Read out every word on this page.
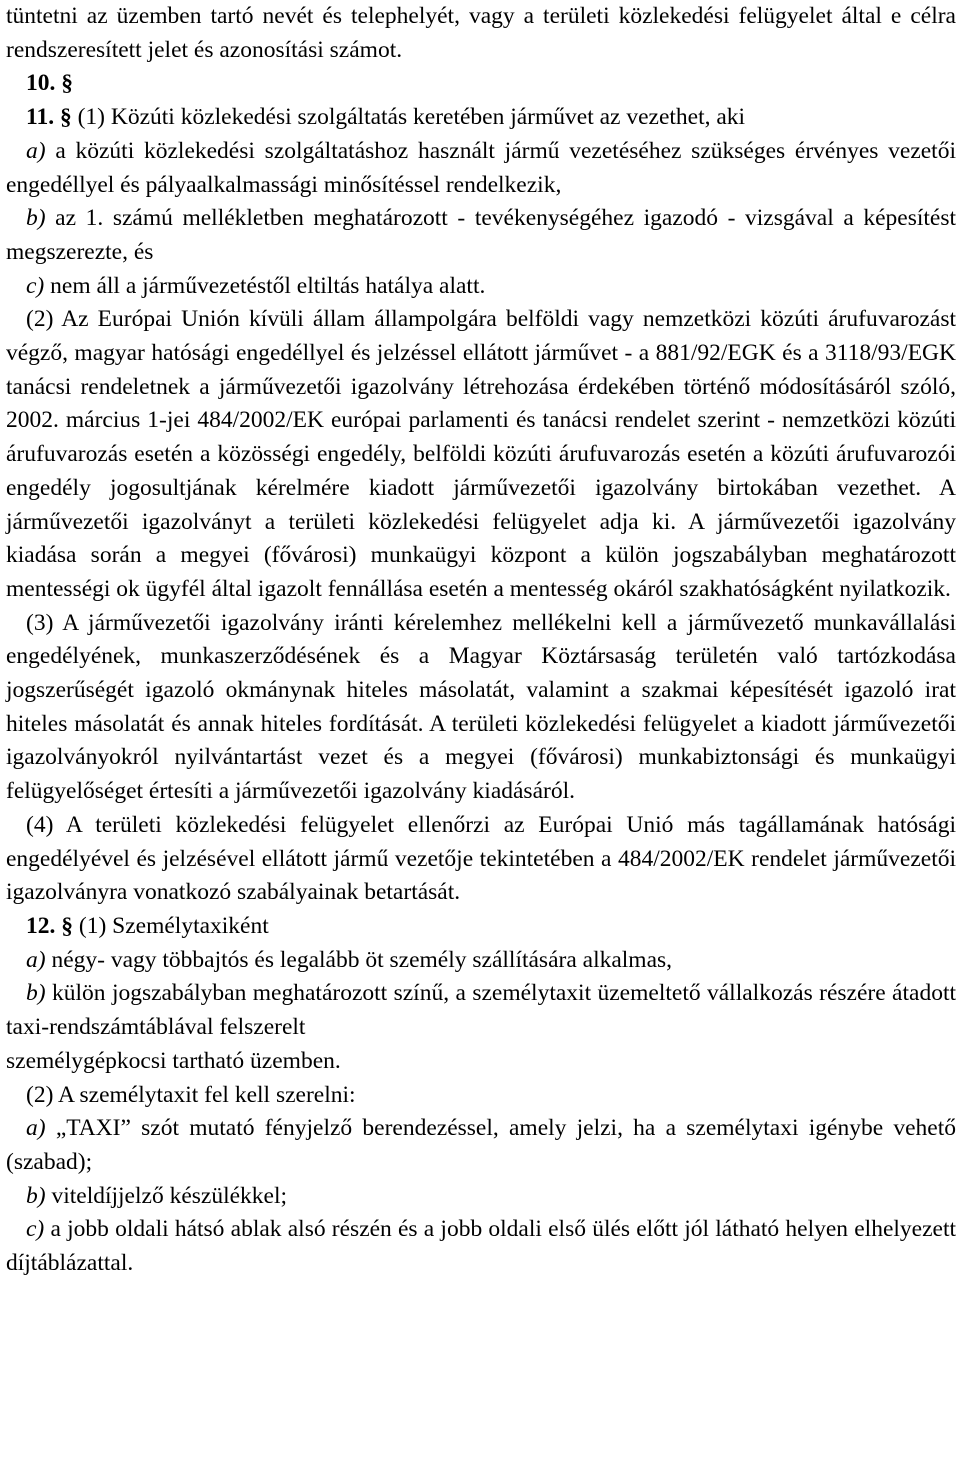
tüntetni az üzemben tartó nevét és telephelyét, vagy a területi közlekedési felügyelet által e célra rendszeresített jelet és azonosítási számot.

10. §

11. § (1) Közúti közlekedési szolgáltatás keretében járművet az vezethet, aki

a) a közúti közlekedési szolgáltatáshoz használt jármű vezetéséhez szükséges érvényes vezetői engedéllyel és pályaalkalmassági minősítéssel rendelkezik,

b) az 1. számú mellékletben meghatározott - tevékenységéhez igazodó - vizsgával a képesítést megszerezte, és

c) nem áll a járművezetéstől eltiltás hatálya alatt.

(2) Az Európai Unión kívüli állam állampolgára belföldi vagy nemzetközi közúti árufuvarozást végző, magyar hatósági engedéllyel és jelzéssel ellátott járművet - a 881/92/EGK és a 3118/93/EGK tanácsi rendeletnek a járművezetői igazolvány létrehozása érdekében történő módosításáról szóló, 2002. március 1-jei 484/2002/EK európai parlamenti és tanácsi rendelet szerint - nemzetközi közúti árufuvarozás esetén a közösségi engedély, belföldi közúti árufuvarozás esetén a közúti árufuvarozói engedély jogosultjának kérelmére kiadott járművezetői igazolvány birtokában vezethet. A járművezetői igazolványt a területi közlekedési felügyelet adja ki. A járművezetői igazolvány kiadása során a megyei (fővárosi) munkaügyi központ a külön jogszabályban meghatározott mentességi ok ügyfél által igazolt fennállása esetén a mentesség okáról szakhatóságként nyilatkozik.

(3) A járművezetői igazolvány iránti kérelemhez mellékelni kell a járművezető munkavállalási engedélyének, munkaszerződésének és a Magyar Köztársaság területén való tartózkodása jogszerűségét igazoló okmánynak hiteles másolatát, valamint a szakmai képesítését igazoló irat hiteles másolatát és annak hiteles fordítását. A területi közlekedési felügyelet a kiadott járművezetői igazolványokról nyilvántartást vezet és a megyei (fővárosi) munkabiztonsági és munkaügyi felügyelőséget értesíti a járművezetői igazolvány kiadásáról.

(4) A területi közlekedési felügyelet ellenőrzi az Európai Unió más tagállamának hatósági engedélyével és jelzésével ellátott jármű vezetője tekintetében a 484/2002/EK rendelet járművezetői igazolványra vonatkozó szabályainak betartását.

12. § (1) Személytaxiként

a) négy- vagy többajtós és legalább öt személy szállítására alkalmas,

b) külön jogszabályban meghatározott színű, a személytaxit üzemeltető vállalkozás részére átadott taxi-rendszámtáblával felszerelt

személygépkocsi tartható üzemben.

(2) A személytaxit fel kell szerelni:

a) „TAXI” szót mutató fényjelző berendezéssel, amely jelzi, ha a személytaxi igénybe vehető (szabad);

b) viteldíjjelző készülékkel;

c) a jobb oldali hátsó ablak alsó részén és a jobb oldali első ülés előtt jól látható helyen elhelyezett díjtáblázattal.
